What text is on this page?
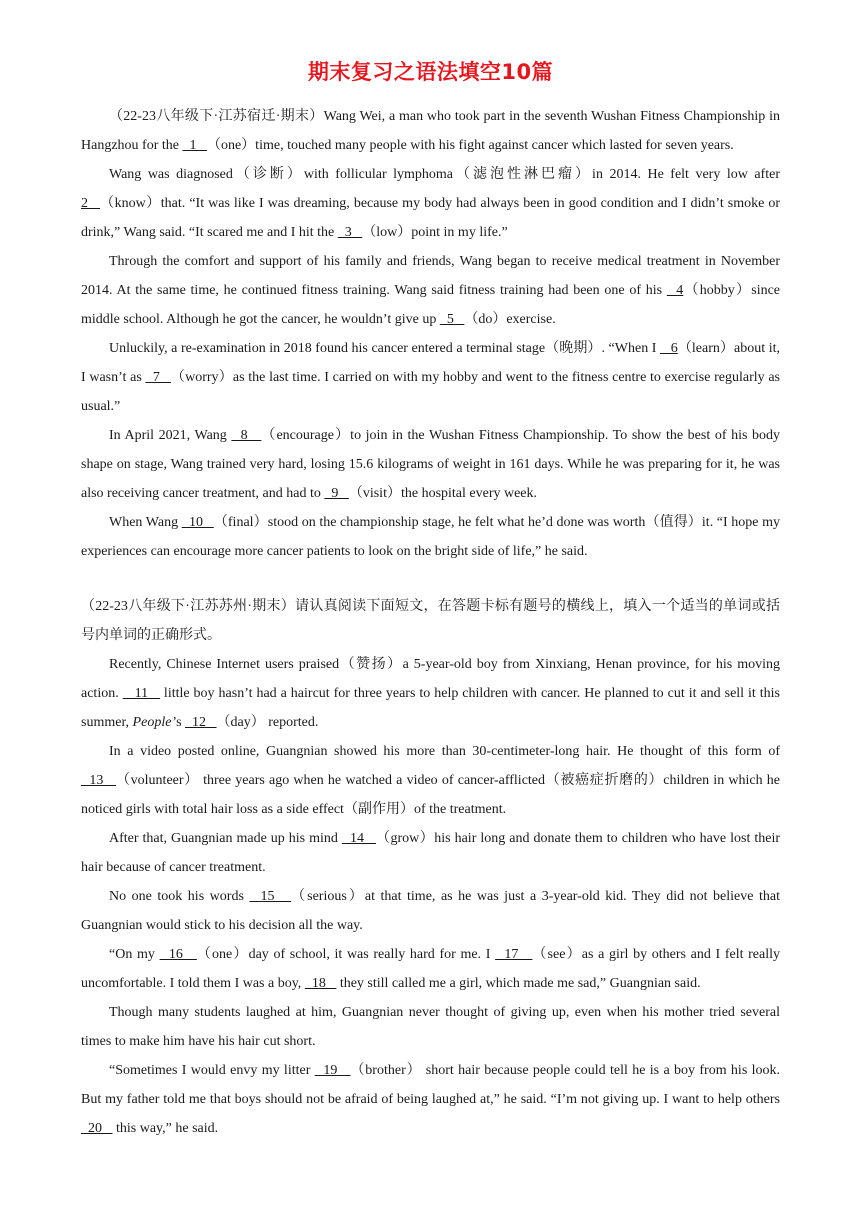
期末复习之语法填空10篇

（22-23八年级下·江苏宿迁·期末）Wang Wei, a man who took part in the seventh Wushan Fitness Championship in Hangzhou for the   1   （one）time, touched many people with his fight against cancer which lasted for seven years.

Wang was diagnosed（诊断）with follicular lymphoma（滤泡性淋巴瘤）in 2014. He felt very low after 2   （know）that. “It was like I was dreaming, because my body had always been in good condition and I didn’t smoke or drink,” Wang said. “It scared me and I hit the   3   （low）point in my life.”

Through the comfort and support of his family and friends, Wang began to receive medical treatment in November 2014. At the same time, he continued fitness training. Wang said fitness training had been one of his   4（hobby）since middle school. Although he got the cancer, he wouldn’t give up   5   （do）exercise.

Unluckily, a re-examination in 2018 found his cancer entered a terminal stage（晚期）. “When I    6（learn）about it, I wasn’t as   7   （worry）as the last time. I carried on with my hobby and went to the fitness centre to exercise regularly as usual.”

In April 2021, Wang   8   （encourage）to join in the Wushan Fitness Championship. To show the best of his body shape on stage, Wang trained very hard, losing 15.6 kilograms of weight in 161 days. While he was preparing for it, he was also receiving cancer treatment, and had to   9   （visit）the hospital every week.

When Wang   10   （final）stood on the championship stage, he felt what he’d done was worth（值得）it. “I hope my experiences can encourage more cancer patients to look on the bright side of life,” he said.

（22-23八年级下·江苏苏州·期末）请认真阅读下面短文，在答题卡标有题号的横线上，填入一个适当的单词或括号内单词的正确形式。

Recently, Chinese Internet users praised（赞扬）a 5-year-old boy from Xinxiang, Henan province, for his moving action.    11    little boy hasn’t had a haircut for three years to help children with cancer. He planned to cut it and sell it this summer, People’s   12   （day） reported.

In a video posted online, Guangnian showed his more than 30-centimeter-long hair. He thought of this form of   13   （volunteer） three years ago when he watched a video of cancer-afflicted（被癌症折磨的）children in which he noticed girls with total hair loss as a side effect（副作用）of the treatment.

After that, Guangnian made up his mind   14   （grow）his hair long and donate them to children who have lost their hair because of cancer treatment.

No one took his words   15   （serious）at that time, as he was just a 3-year-old kid. They did not believe that Guangnian would stick to his decision all the way.

“On my   16   （one）day of school, it was really hard for me. I   17   （see）as a girl by others and I felt really uncomfortable. I told them I was a boy,   18    they still called me a girl, which made me sad,” Guangnian said.

Though many students laughed at him, Guangnian never thought of giving up, even when his mother tried several times to make him have his hair cut short.

“Sometimes I would envy my litter   19   （brother） short hair because people could tell he is a boy from his look. But my father told me that boys should not be afraid of being laughed at,” he said. “I’m not giving up. I want to help others   20    this way,” he said.
